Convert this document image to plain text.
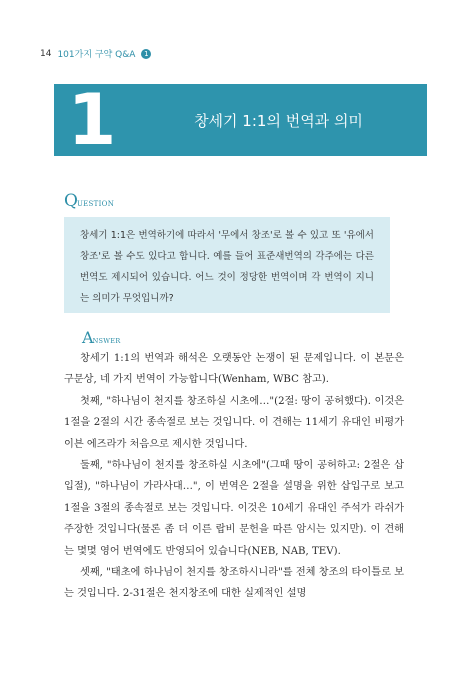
14 101가지 구약 Q&A	1
1	창세기 1:1의 번역과 의미
Q UESTION

창세기 1:1은 번역하기에 따라서 '무에서 창조'로 볼 수 있고 또 '유에서 창조'로 볼 수도 있다고 합니다. 예를 들어 표준새번역의 각주에는 다른 번역도 제시되어 있습니다. 어느 것이 정당한 번역이며 각 번역이 지니는 의미가 무엇입니까?

A NSWER

창세기 1:1의 번역과 해석은 오랫동안 논쟁이 된 문제입니다. 이 본문은 구문상, 네 가지 번역이 가능합니다(Wenham, WBC 참고).

첫째, "하나님이 천지를 창조하실 시초에…"(2절: 땅이 공허했다). 이것은 1절을 2절의 시간 종속절로 보는 것입니다. 이 견해는 11세기 유대인 비평가 이븐 에즈라가 처음으로 제시한 것입니다.

둘째, "하나님이 천지를 창조하실 시초에"(그때 땅이 공허하고: 2절은 삽입절), "하나님이 가라사대…", 이 번역은 2절을 설명을 위한 삽입구로 보고 1절을 3절의 종속절로 보는 것입니다. 이것은 10세기 유대인 주석가 라쉬가 주장한 것입니다(물론 좀 더 이른 랍비 문헌을 따른 암시는 있지만). 이 견해는 몇몇 영어 번역에도 반영되어 있습니다(NEB, NAB, TEV).

셋째, "태초에 하나님이 천지를 창조하시니라"를 전체 창조의 타이틀로 보는 것입니다. 2-31절은 천지창조에 대한 실제적인 설명
